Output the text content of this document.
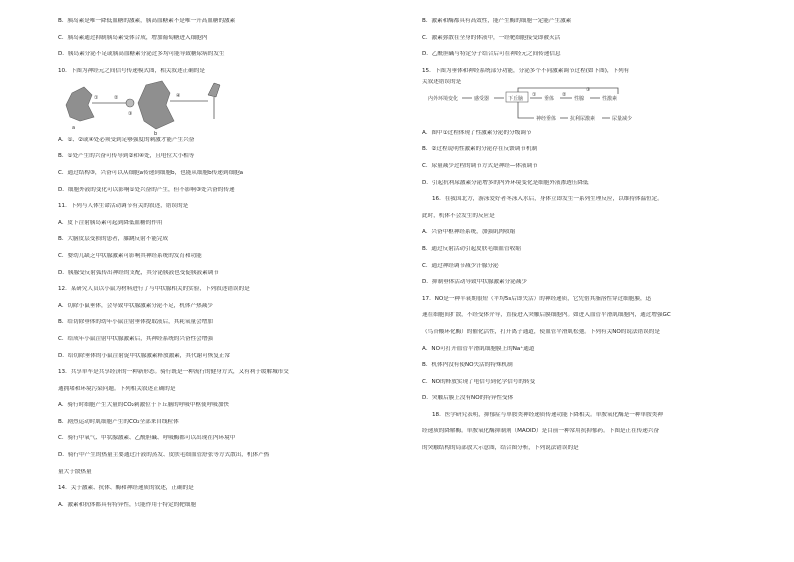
B．胰岛素是唯一降低血糖的激素，胰高血糖素不是唯一升高血糖的激素
C．胰岛素通过抑制胰岛素受体合成，增加葡萄糖进入细胞内
D．胰岛素分泌不足或胰高血糖素分泌过多均可能导致糖尿病的发生
10．下图为神经元之间信号传递模式图，相关叙述正确的是
a
①	②
③
b
④
A．①、②或④处必须受到足够强度的刺激才能产生兴奋
B．①处产生的兴奋可传导到②和④处，且电位大小相等
C．通过结构③，兴奋可以从细胞a传递到细胞b，也能从细胞b传递到细胞a
D．细胞外液的变化可以影响①处兴奋的产生，但不影响③处兴奋的传递
11．下列与人体生命活动调节有关的叙述，错误的是
A．皮下注射胰岛素可起到降低血糖的作用
B．大脑皮层受损的患者，膝跳反射不能完成
C．婴幼儿缺乏甲状腺激素可影响其神经系统的发育和功能
D．胰腺受反射弧传出神经的支配，其分泌胰液也受促胰液素调节
12．某研究人员以小鼠为材料进行了与甲状腺相关的实验，下列叙述错误的是
A．切除小鼠垂体，会导致甲状腺激素分泌不足，机体产热减少
B．给切除垂体的幼年小鼠注射垂体提取液后，其耗氧量会增加
C．给成年小鼠注射甲状腺激素后，其神经系统的兴奋性会增强
D．给切除垂体的小鼠注射促甲状腺激素释放激素，其代谢可恢复正常
13．共享单车是共享经济的一种新形态。骑行既是一种流行的健身方式，又有利于缓解城市交
通拥堵和环境污染问题。下列相关叙述正确的是
A．骑行时细胞产生大量的CO₂刺激位于下丘脑的呼吸中枢使呼吸加快
B．剧烈运动时肌细胞产生的CO₂全部来自线粒体
C．骑行中氧气、甲状腺激素、乙酰胆碱、呼吸酶都可以出现在内环境中
D．骑行中产生的热量主要通过汗液的蒸发、皮肤毛细血管舒张等方式散出，机体产热
量大于散热量
14．关于激素、抗体、酶和神经递质的叙述，正确的是
A．激素和抗体都具有特异性，只能作用于特定的靶细胞
B．激素和酶都具有高效性，能产生酶的细胞一定能产生激素
C．激素弥散在全身的体液中，一经靶细胞接受即被灭活
D．乙酰胆碱与特定分子结合后可在神经元之间传递信息
15．下图为垂体和神经系统部分功能，分泌多个不同激素调节过程(如下图)，下列有
关叙述错误的是
内外环境变化	感受器	下丘脑
①
垂体
②
③
性腺	性激素
神经垂体	抗利尿激素	尿量减少
A．图中①过程体现了性激素分泌的分级调节
B．②过程说明性激素的分泌存在反馈调节机制
C．尿量减少过程的调节方式是神经—体液调节
D．引起抗利尿激素分泌增多的内外环境变化是细胞外液渗透压降低
16．在我国北方，游泳爱好者冬泳入水后，身体立即发生一系列生理反应，以维持体温恒定。
此时，机体不会发生的反应是
A．兴奋中枢神经系统，加强肌肉收缩
B．通过反射活动引起皮肤毛细血管收缩
C．通过神经调节减少汗腺分泌
D．抑制垂体活动导致甲状腺激素分泌减少
17．NO是一种半衰期很短（平均5s后即失活）的神经递质，它凭借其脂溶性穿过细胞膜，迅
速在细胞间扩散，不经受体介导，直接进入突触后膜细胞内。如进入血管平滑肌细胞内，通过增强GC
（鸟苷酸环化酶）的催化活性，打开离子通道，使血管平滑肌松弛。下列有关NO的说法错误的是
A．NO可打开血管平滑肌细胞膜上的Na⁺通道
B．机体内没有使NO失活的特殊机制
C．NO的释放实现了电信号到化学信号的转变
D．突触后膜上没有NO的特异性受体
18．医学研究表明，抑郁症与单胺类神经递质传递功能下降相关。单胺氧化酶是一种单胺类神
经递质的降解酶。单胺氧化酶抑制剂（MAOID）是目前一种常用抗抑郁药。下图是正在传递兴奋
的突触结构的局部放大示意图，结合图分析，下列说法错误的是
